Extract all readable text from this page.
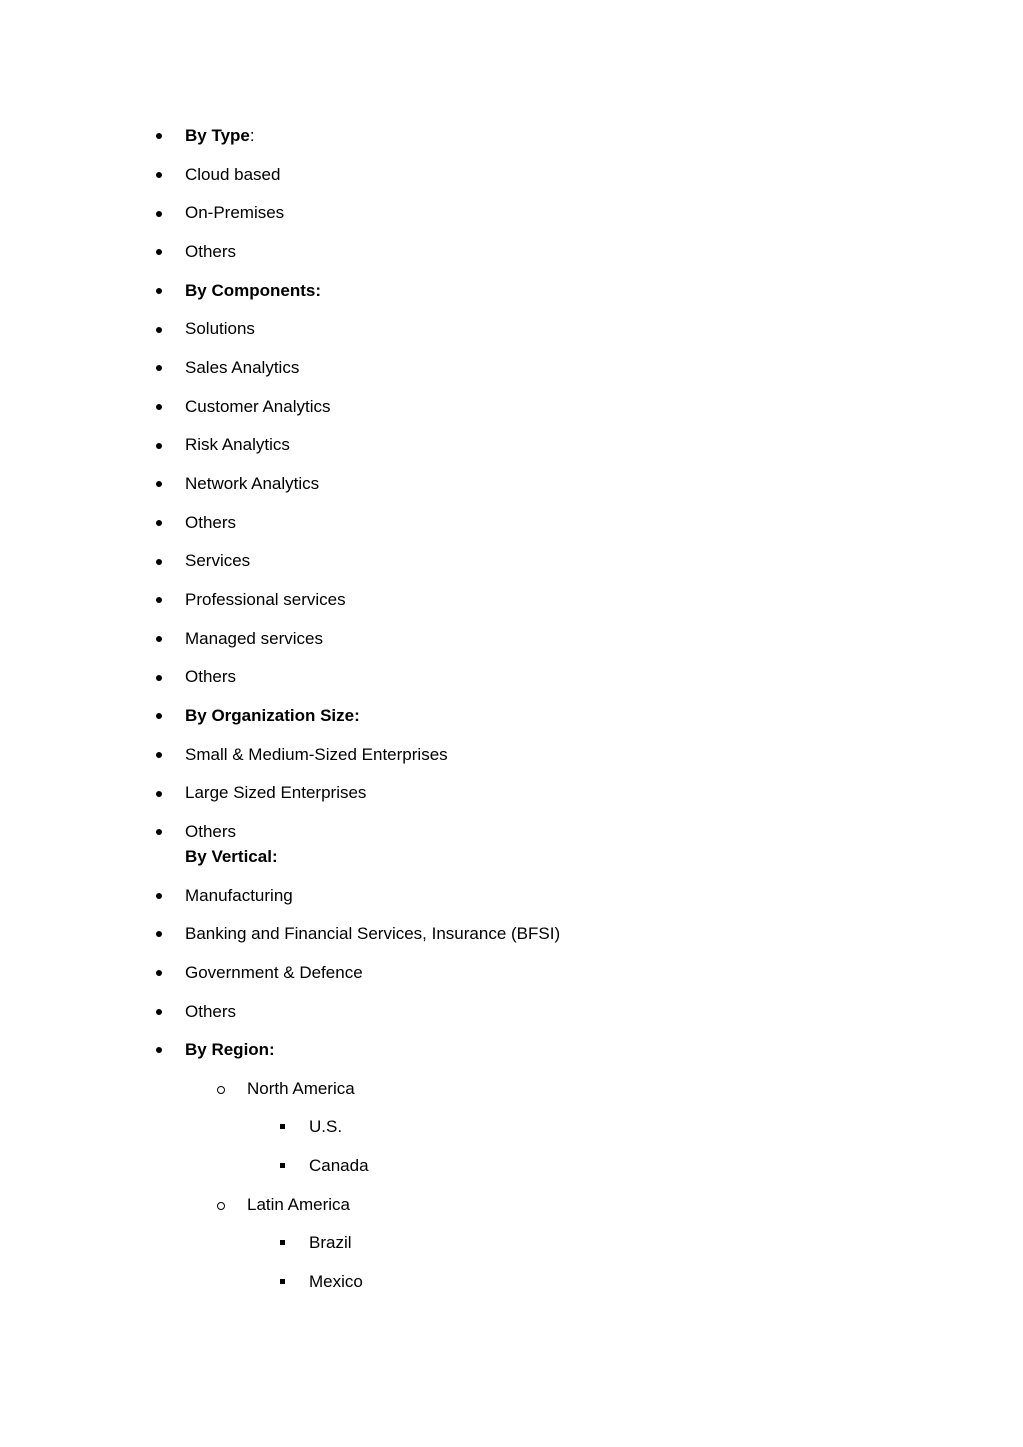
By Type:
Cloud based
On-Premises
Others
By Components:
Solutions
Sales Analytics
Customer Analytics
Risk Analytics
Network Analytics
Others
Services
Professional services
Managed services
Others
By Organization Size:
Small & Medium-Sized Enterprises
Large Sized Enterprises
Others
By Vertical:
Manufacturing
Banking and Financial Services, Insurance (BFSI)
Government & Defence
Others
By Region:
North America
U.S.
Canada
Latin America
Brazil
Mexico
